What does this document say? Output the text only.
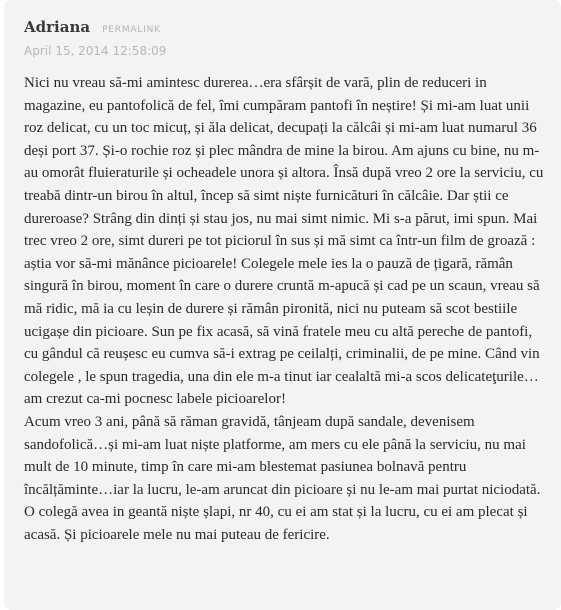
Adriana PERMALINK
April 15, 2014 12:58:09

Nici nu vreau să-mi amintesc durerea…era sfârșit de vară, plin de reduceri in magazine, eu pantofolică de fel, îmi cumpăram pantofi în neștire! Și mi-am luat unii roz delicat, cu un toc micuț, și ăla delicat, decupați la călcâi și mi-am luat numarul 36 deși port 37. Și-o rochie roz și plec mândra de mine la birou. Am ajuns cu bine, nu m-au omorât fluieraturile și ocheadele unora și altora. Însă după vreo 2 ore la serviciu, cu treabă dintr-un birou în altul, încep să simt niște furnicături în călcâie. Dar știi ce dureroase? Strâng din dinți și stau jos, nu mai simt nimic. Mi s-a părut, imi spun. Mai trec vreo 2 ore, simt dureri pe tot piciorul în sus și mă simt ca într-un film de groază : aștia vor să-mi mănânce picioarele! Colegele mele ies la o pauză de țigară, rămân singură în birou, moment în care o durere cruntă m-apucă și cad pe un scaun, vreau să mă ridic, mă ia cu leșin de durere și rămân pironită, nici nu puteam să scot bestiile ucigașe din picioare. Sun pe fix acasă, să vină fratele meu cu altă pereche de pantofi, cu gândul că reușesc eu cumva să-i extrag pe ceilalți, criminalii, de pe mine. Când vin colegele , le spun tragedia, una din ele m-a tinut iar cealaltă mi-a scos delicateţurile…am crezut ca-mi pocnesc labele picioarelor!

Acum vreo 3 ani, până să răman gravidă, tânjeam după sandale, devenisem sandofolică…și mi-am luat niște platforme, am mers cu ele până la serviciu, nu mai mult de 10 minute, timp în care mi-am blestemat pasiunea bolnavă pentru încălțăminte…iar la lucru, le-am aruncat din picioare și nu le-am mai purtat niciodată. O colegă avea in geantă niște șlapi, nr 40, cu ei am stat și la lucru, cu ei am plecat și acasă. Și picioarele mele nu mai puteau de fericire.
